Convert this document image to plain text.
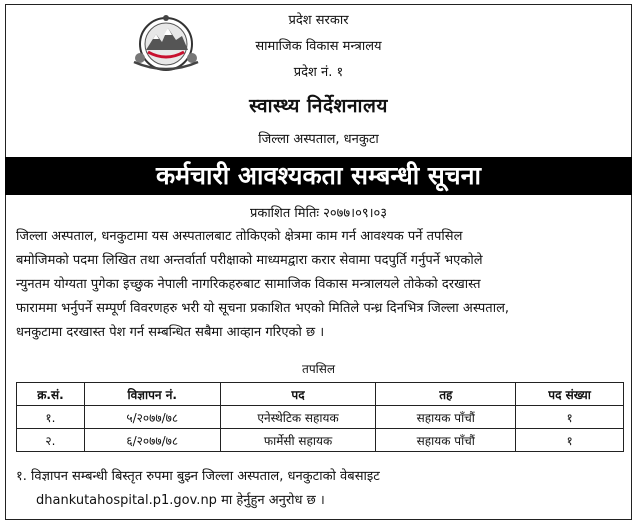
प्रदेश सरकार
सामाजिक विकास मन्त्रालय
प्रदेश नं. १
स्वास्थ्य निर्देशनालय
जिल्ला अस्पताल, धनकुटा
कर्मचारी आवश्यकता सम्बन्धी सूचना
प्रकाशित मितिः २०७७।०९।०३
जिल्ला अस्पताल, धनकुटामा यस अस्पतालबाट तोकिएको क्षेत्रमा काम गर्न आवश्यक पर्ने तपसिल
बमोजिमको पदमा लिखित तथा अन्तर्वार्ता परीक्षाको माध्यमद्वारा करार सेवामा पदपुर्ति गर्नुपर्ने भएकोले
न्युनतम योग्यता पुगेका इच्छुक नेपाली नागरिकहरुबाट सामाजिक विकास मन्त्रालयले तोकेको दरखास्त
फाराममा भर्नुपर्ने सम्पूर्ण विवरणहरु भरी यो सूचना प्रकाशित भएको मितिले पन्ध्र दिनभित्र जिल्ला अस्पताल,
धनकुटामा दरखास्त पेश गर्न सम्बन्धित सबैमा आव्हान गरिएको छ ।
तपसिल
क्र.सं.	विज्ञापन नं.	पद	तह	पद संख्या
१.	५/२०७७/७८	एनेस्थेटिक सहायक	सहायक पाँचौं	१
२.	६/२०७७/७८	फार्मेसी सहायक	सहायक पाँचौं	१
१. विज्ञापन सम्बन्धी बिस्तृत रुपमा बुझ्न जिल्ला अस्पताल, धनकुटाको वेबसाइट
dhankutahospital.p1.gov.np मा हेर्नुहुन अनुरोध छ ।
